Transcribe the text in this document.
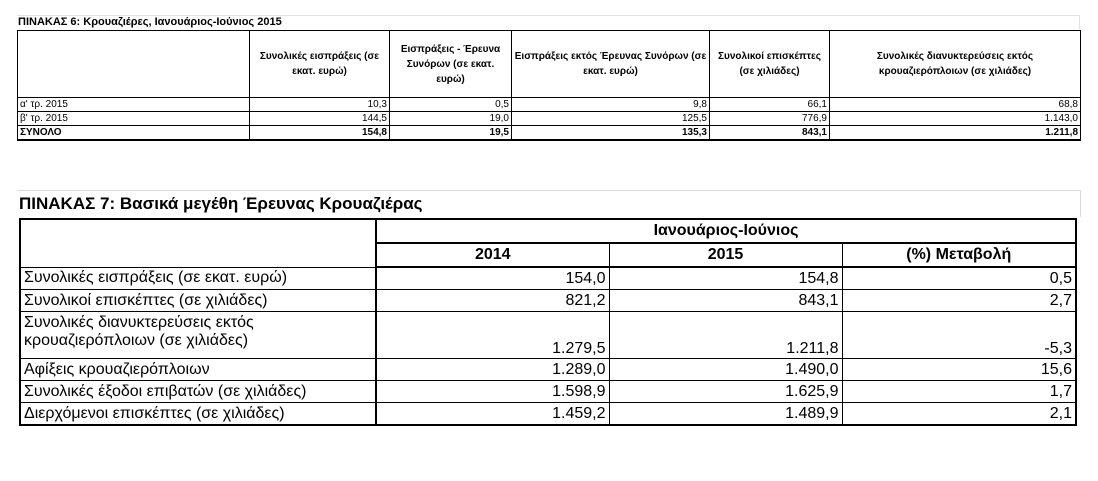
ΠΙΝΑΚΑΣ 6: Κρουαζιέρες, Ιανουάριος-Ιούνιος 2015
	Συνολικές εισπράξεις (σε εκατ. ευρώ)	Εισπράξεις - Έρευνα Συνόρων (σε εκατ. ευρώ)	Εισπράξεις εκτός Έρευνας Συνόρων (σε εκατ. ευρώ)	Συνολικοί επισκέπτες (σε χιλιάδες)	Συνολικές διανυκτερεύσεις εκτός κρουαζιερόπλοιων (σε χιλιάδες)
α' τρ. 2015	10,3	0,5	9,8	66,1	68,8
β' τρ. 2015	144,5	19,0	125,5	776,9	1.143,0
ΣΥΝΟΛΟ	154,8	19,5	135,3	843,1	1.211,8
ΠΙΝΑΚΑΣ 7: Βασικά μεγέθη Έρευνας Κρουαζιέρας
	Ιανουάριος-Ιούνιος		
	2014	2015	(%) Μεταβολή
Συνολικές εισπράξεις (σε εκατ. ευρώ)	154,0	154,8	0,5
Συνολικοί επισκέπτες (σε χιλιάδες)	821,2	843,1	2,7
Συνολικές διανυκτερεύσεις εκτός κρουαζιερόπλοιων (σε χιλιάδες)	1.279,5	1.211,8	-5,3
Αφίξεις κρουαζιερόπλοιων	1.289,0	1.490,0	15,6
Συνολικές έξοδοι επιβατών (σε χιλιάδες)	1.598,9	1.625,9	1,7
Διερχόμενοι επισκέπτες (σε χιλιάδες)	1.459,2	1.489,9	2,1
